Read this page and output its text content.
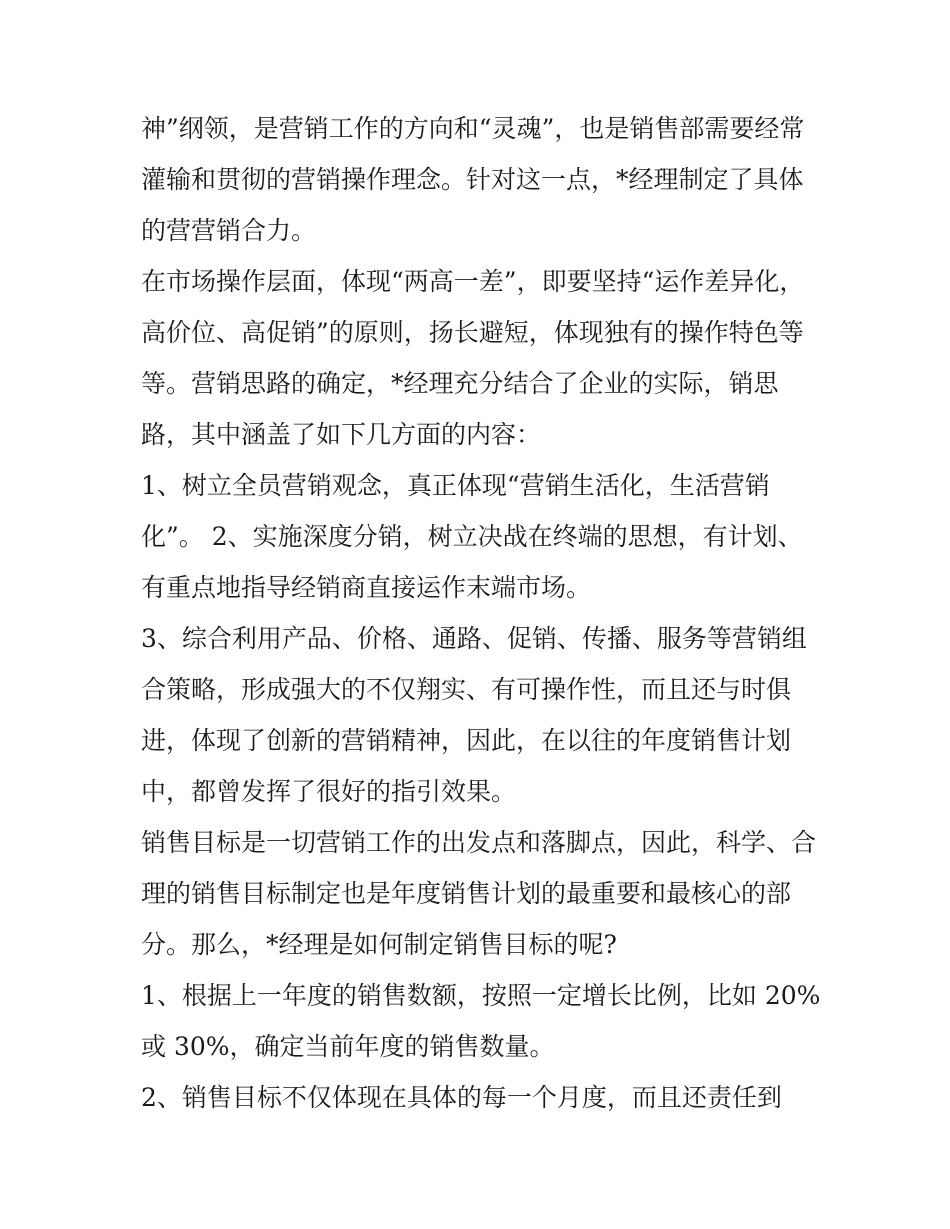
神”纲领，是营销工作的方向和“灵魂”，也是销售部需要经常
灌输和贯彻的营销操作理念。针对这一点，*经理制定了具体
的营营销合力。
在市场操作层面，体现“两高一差”，即要坚持“运作差异化，
高价位、高促销”的原则，扬长避短，体现独有的操作特色等
等。营销思路的确定，*经理充分结合了企业的实际，销思
路，其中涵盖了如下几方面的内容：
1、树立全员营销观念，真正体现“营销生活化，生活营销
化”。 2、实施深度分销，树立决战在终端的思想，有计划、
有重点地指导经销商直接运作末端市场。
3、综合利用产品、价格、通路、促销、传播、服务等营销组
合策略，形成强大的不仅翔实、有可操作性，而且还与时俱
进，体现了创新的营销精神，因此，在以往的年度销售计划
中，都曾发挥了很好的指引效果。
销售目标是一切营销工作的出发点和落脚点，因此，科学、合
理的销售目标制定也是年度销售计划的最重要和最核心的部
分。那么，*经理是如何制定销售目标的呢?
1、根据上一年度的销售数额，按照一定增长比例，比如 20%
或 30%，确定当前年度的销售数量。
2、销售目标不仅体现在具体的每一个月度，而且还责任到
